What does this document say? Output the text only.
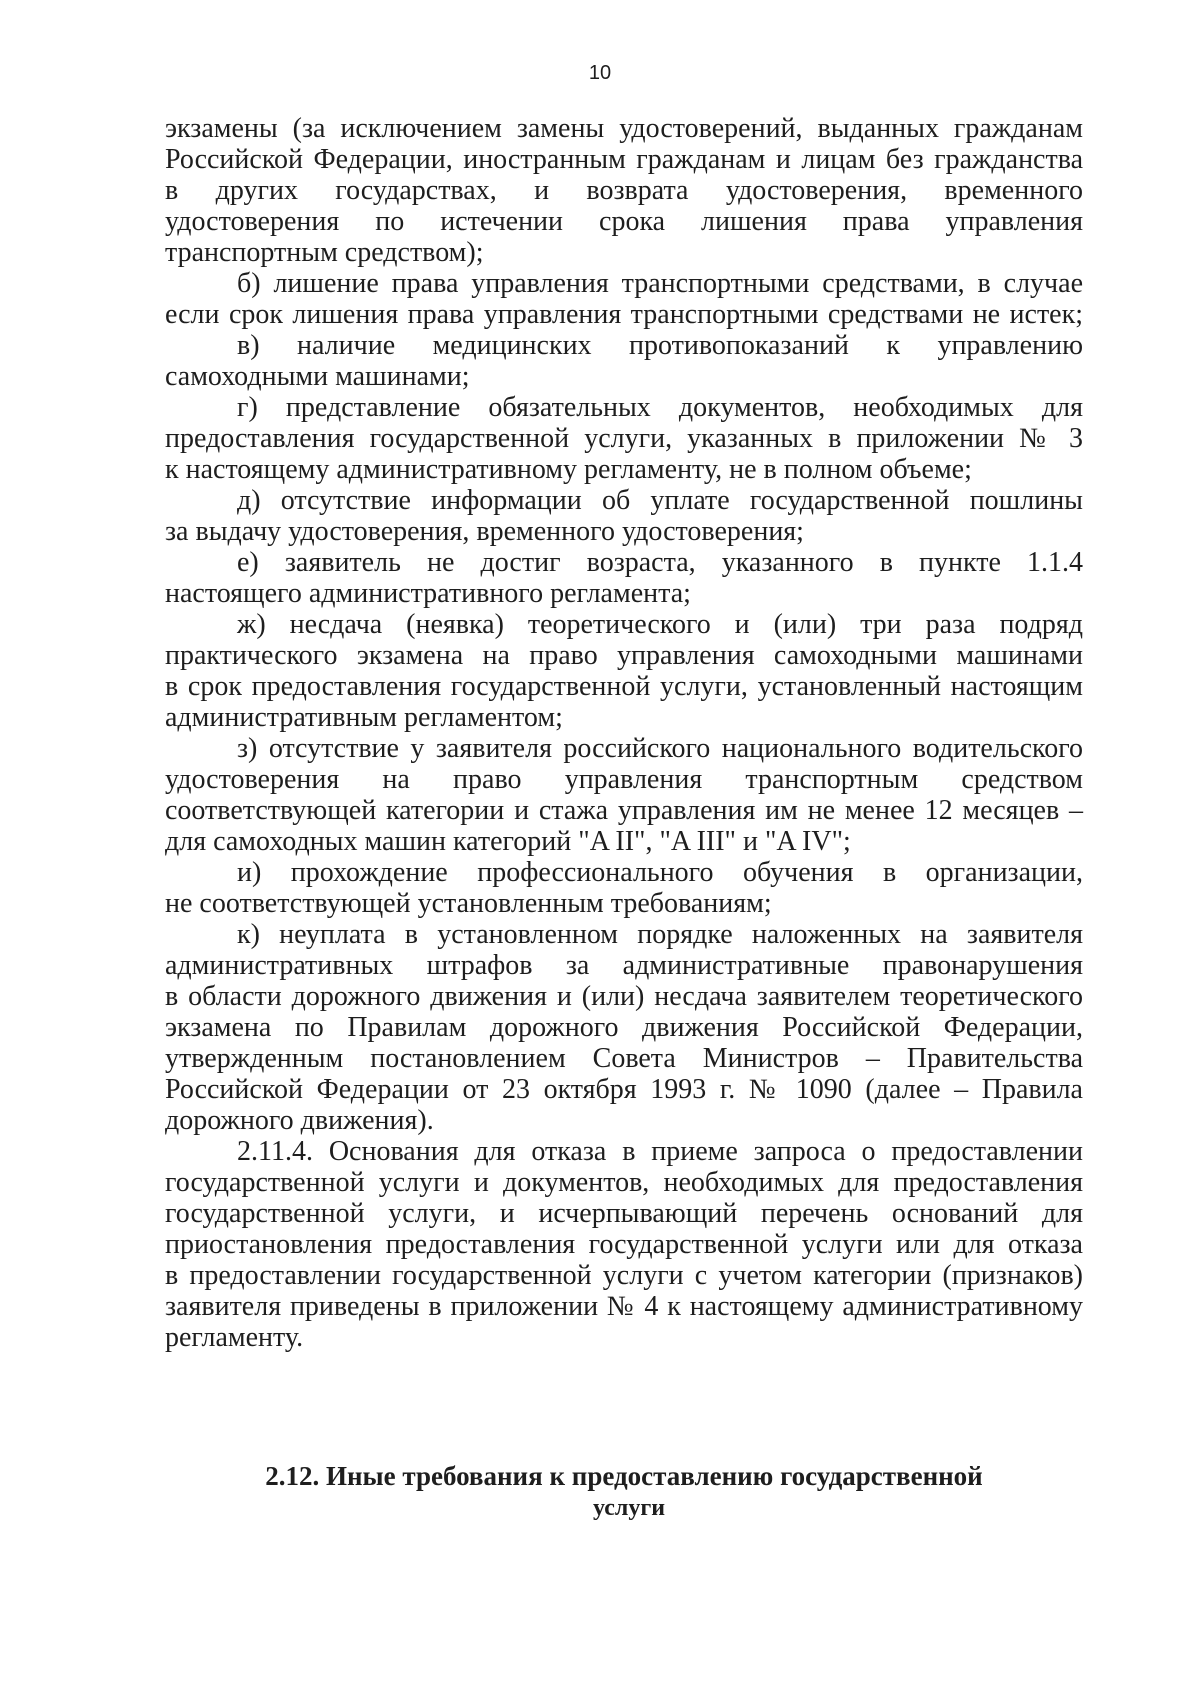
10
экзамены (за исключением замены удостоверений, выданных гражданам
Российской Федерации, иностранным гражданам и лицам без гражданства
в других государствах, и возврата удостоверения, временного
удостоверения по истечении срока лишения права управления
транспортным средством);
б) лишение права управления транспортными средствами, в случае
если срок лишения права управления транспортными средствами не истек;
в) наличие медицинских противопоказаний к управлению
самоходными машинами;
г) представление обязательных документов, необходимых для
предоставления государственной услуги, указанных в приложении № 3
к настоящему административному регламенту, не в полном объеме;
д) отсутствие информации об уплате государственной пошлины
за выдачу удостоверения, временного удостоверения;
е) заявитель не достиг возраста, указанного в пункте 1.1.4
настоящего административного регламента;
ж) несдача (неявка) теоретического и (или) три раза подряд
практического экзамена на право управления самоходными машинами
в срок предоставления государственной услуги, установленный настоящим
административным регламентом;
з) отсутствие у заявителя российского национального водительского
удостоверения на право управления транспортным средством
соответствующей категории и стажа управления им не менее 12 месяцев –
для самоходных машин категорий "A II", "A III" и "A IV";
и) прохождение профессионального обучения в организации,
не соответствующей установленным требованиям;
к) неуплата в установленном порядке наложенных на заявителя
административных штрафов за административные правонарушения
в области дорожного движения и (или) несдача заявителем теоретического
экзамена по Правилам дорожного движения Российской Федерации,
утвержденным постановлением Совета Министров – Правительства
Российской Федерации от 23 октября 1993 г. № 1090 (далее – Правила
дорожного движения).
2.11.4. Основания для отказа в приеме запроса о предоставлении
государственной услуги и документов, необходимых для предоставления
государственной услуги, и исчерпывающий перечень оснований для
приостановления предоставления государственной услуги или для отказа
в предоставлении государственной услуги с учетом категории (признаков)
заявителя приведены в приложении № 4 к настоящему административному
регламенту.
2.12. Иные требования к предоставлению государственной
услуги
